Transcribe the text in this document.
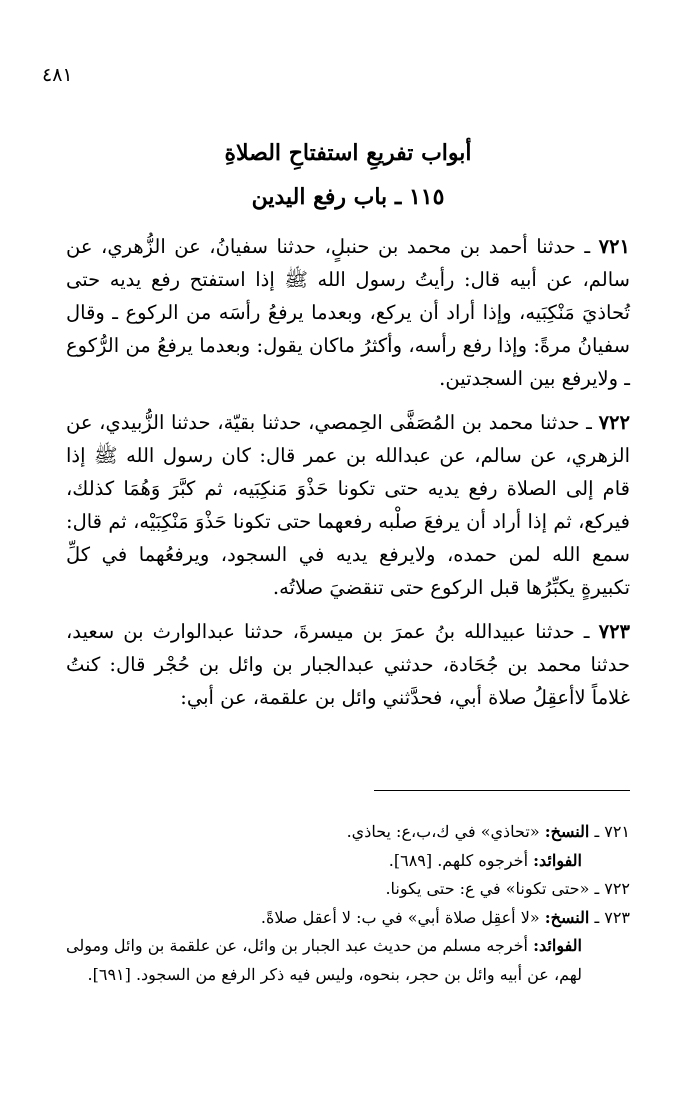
٤٨١
أبواب تفريعِ استفتاحِ الصلاةِ
١١٥ ـ باب رفع اليدين

٧٢١ ـ حدثنا أحمد بن محمد بن حنبلٍ، حدثنا سفيانُ، عن الزُّهري، عن سالم، عن أبيه قال: رأيتُ رسول الله ﷺ إذا استفتح رفع يديه حتى تُحاذيَ مَنْكِبَيه، وإذا أراد أن يركع، وبعدما يرفعُ رأسَه من الركوع ـ وقال سفيانُ مرةً: وإذا رفع رأسه، وأكثرُ ماكان يقول: وبعدما يرفعُ من الرُّكوع ـ ولايرفع بين السجدتين.

٧٢٢ ـ حدثنا محمد بن المُصَفَّى الحِمصي، حدثنا بقيّة، حدثنا الزُّبيدي، عن الزهري، عن سالم، عن عبدالله بن عمر قال: كان رسول الله ﷺ إذا قام إلى الصلاة رفع يديه حتى تكونا حَذْوَ مَنكِبَيه، ثم كبَّرَ وَهُمَا كذلك، فيركع، ثم إذا أراد أن يرفعَ صلْبه رفعهما حتى تكونا حَذْوَ مَنْكِبَيْه، ثم قال: سمع الله لمن حمده، ولايرفع يديه في السجود، ويرفعُهما في كلِّ تكبيرةٍ يكبِّرُها قبل الركوع حتى تنقضيَ صلاتُه.

٧٢٣ ـ حدثنا عبيدالله بنُ عمرَ بن ميسرةَ، حدثنا عبدالوارث بن سعيد، حدثنا محمد بن جُحَادة، حدثني عبدالجبار بن وائل بن حُجْر قال: كنتُ غلاماً لاأعقِلُ صلاة أبي، فحدَّثني وائل بن علقمة، عن أبي:

٧٢١ ـ النسخ: «تحاذي» في ك،ب،ع: يحاذي.

الفوائد: أخرجوه كلهم. [٦٨٩].

٧٢٢ ـ «حتى تكونا» في ع: حتى يكونا.

٧٢٣ ـ النسخ: «لا أعقِل صلاة أبي» في ب: لا أعقل صلاةً.

الفوائد: أخرجه مسلم من حديث عبد الجبار بن وائل، عن علقمة بن وائل ومولى لهم، عن أبيه وائل بن حجر، بنحوه، وليس فيه ذكر الرفع من السجود. [٦٩١].
